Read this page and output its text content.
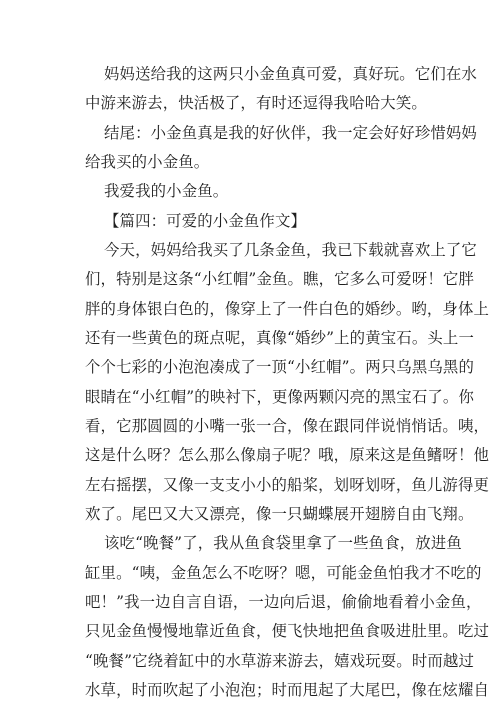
妈妈送给我的这两只小金鱼真可爱，真好玩。它们在水
中游来游去，快活极了，有时还逗得我哈哈大笑。
结尾：小金鱼真是我的好伙伴，我一定会好好珍惜妈妈
给我买的小金鱼。
我爱我的小金鱼。
【篇四：可爱的小金鱼作文】
今天，妈妈给我买了几条金鱼，我已下载就喜欢上了它
们，特别是这条“小红帽”金鱼。瞧，它多么可爱呀！它胖
胖的身体银白色的，像穿上了一件白色的婚纱。哟，身体上
还有一些黄色的斑点呢，真像“婚纱”上的黄宝石。头上一
个个七彩的小泡泡凑成了一顶“小红帽”。两只乌黑乌黑的
眼睛在“小红帽”的映衬下，更像两颗闪亮的黑宝石了。你
看，它那圆圆的小嘴一张一合，像在跟同伴说悄悄话。咦，
这是什么呀？怎么那么像扇子呢？哦，原来这是鱼鳍呀！他
左右摇摆，又像一支支小小的船桨，划呀划呀，鱼儿游得更
欢了。尾巴又大又漂亮，像一只蝴蝶展开翅膀自由飞翔。
该吃“晚餐”了，我从鱼食袋里拿了一些鱼食，放进鱼
缸里。“咦，金鱼怎么不吃呀？嗯，可能金鱼怕我才不吃的
吧！”我一边自言自语，一边向后退，偷偷地看着小金鱼，
只见金鱼慢慢地靠近鱼食，便飞快地把鱼食吸进肚里。吃过
“晚餐”它绕着缸中的水草游来游去，嬉戏玩耍。时而越过
水草，时而吹起了小泡泡；时而甩起了大尾巴，像在炫耀自
